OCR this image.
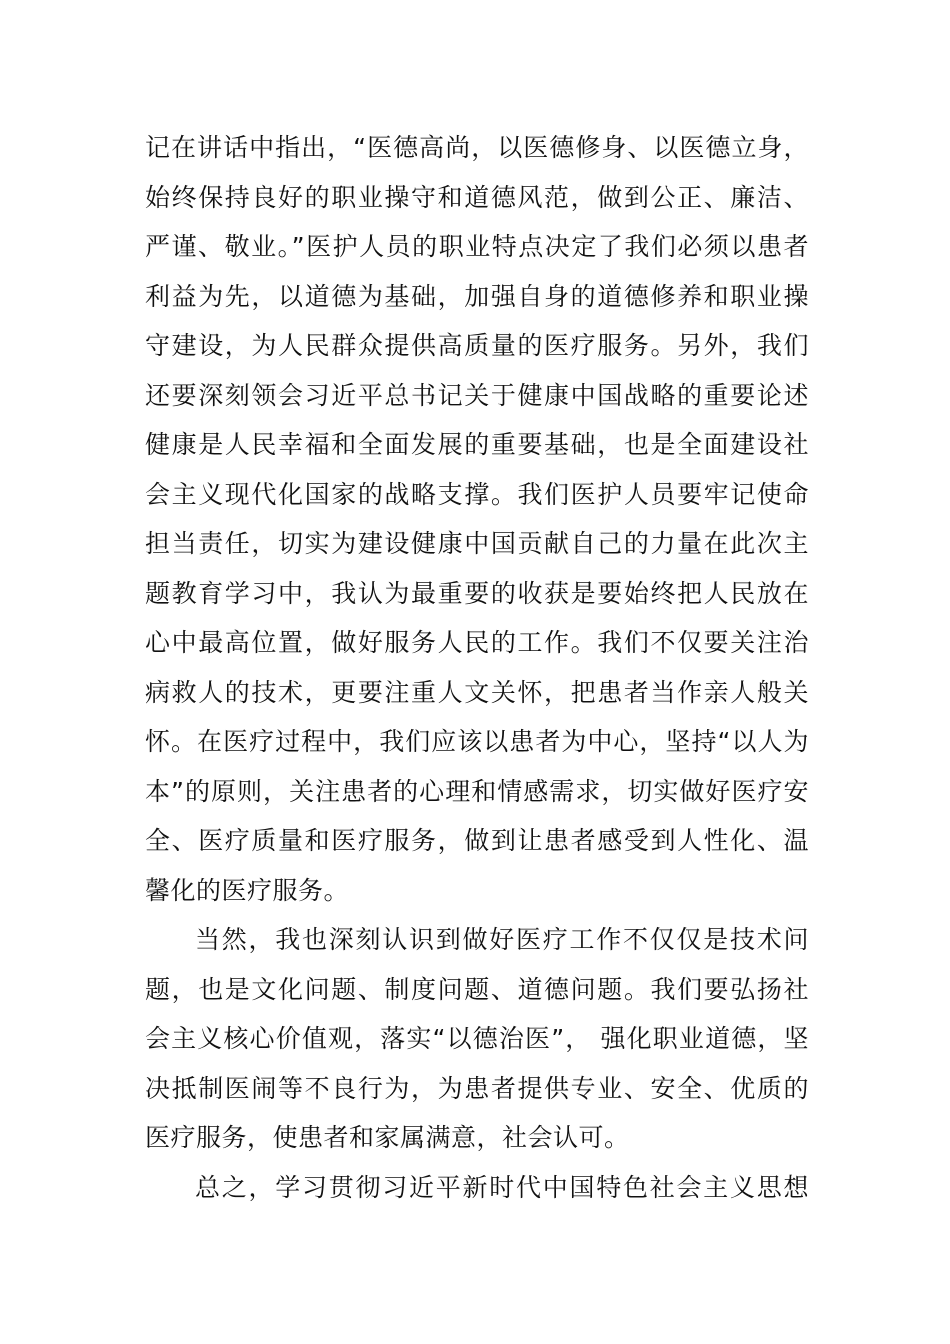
记在讲话中指出，“医德高尚，以医德修身、以医德立身，
始终保持良好的职业操守和道德风范，做到公正、廉洁、
严谨、敬业。”医护人员的职业特点决定了我们必须以患者
利益为先，以道德为基础，加强自身的道德修养和职业操
守建设，为人民群众提供高质量的医疗服务。另外，我们
还要深刻领会习近平总书记关于健康中国战略的重要论述
健康是人民幸福和全面发展的重要基础，也是全面建设社
会主义现代化国家的战略支撑。我们医护人员要牢记使命
担当责任，切实为建设健康中国贡献自己的力量在此次主
题教育学习中，我认为最重要的收获是要始终把人民放在
心中最高位置，做好服务人民的工作。我们不仅要关注治
病救人的技术，更要注重人文关怀，把患者当作亲人般关
怀。在医疗过程中，我们应该以患者为中心，坚持“以人为
本”的原则，关注患者的心理和情感需求，切实做好医疗安
全、医疗质量和医疗服务，做到让患者感受到人性化、温
馨化的医疗服务。
当然，我也深刻认识到做好医疗工作不仅仅是技术问
题，也是文化问题、制度问题、道德问题。我们要弘扬社
会主义核心价值观，落实“以德治医”， 强化职业道德，坚
决抵制医闹等不良行为，为患者提供专业、安全、优质的
医疗服务，使患者和家属满意，社会认可。
总之，学习贯彻习近平新时代中国特色社会主义思想
